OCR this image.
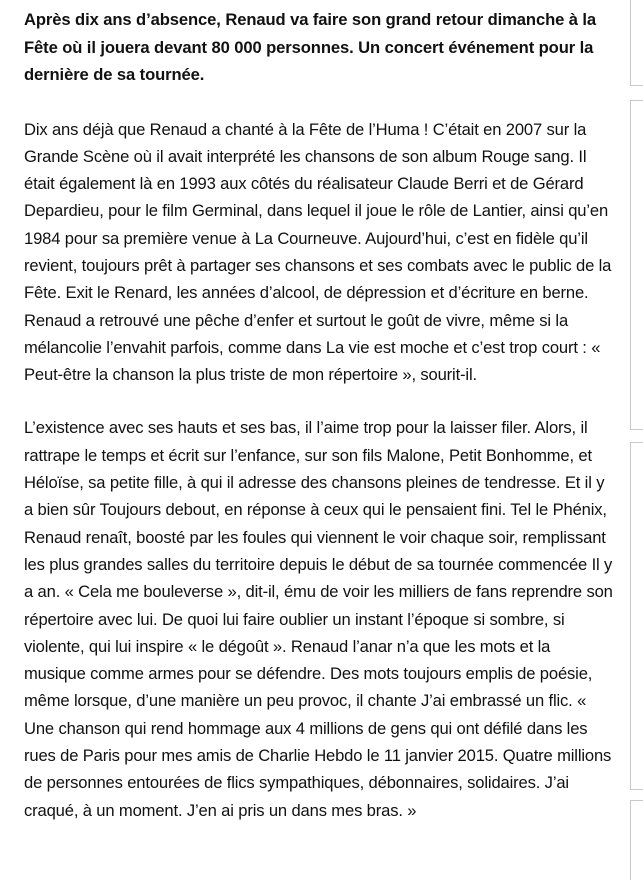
Après dix ans d’absence, Renaud va faire son grand retour dimanche à la Fête où il jouera devant 80 000 personnes. Un concert événement pour la dernière de sa tournée.

Dix ans déjà que Renaud a chanté à la Fête de l’Huma ! C’était en 2007 sur la Grande Scène où il avait interprété les chansons de son album Rouge sang. Il était également là en 1993 aux côtés du réalisateur Claude Berri et de Gérard Depardieu, pour le film Germinal, dans lequel il joue le rôle de Lantier, ainsi qu’en 1984 pour sa première venue à La Courneuve. Aujourd’hui, c’est en fidèle qu’il revient, toujours prêt à partager ses chansons et ses combats avec le public de la Fête. Exit le Renard, les années d’alcool, de dépression et d’écriture en berne. Renaud a retrouvé une pêche d’enfer et surtout le goût de vivre, même si la mélancolie l’envahit parfois, comme dans La vie est moche et c’est trop court : « Peut-être la chanson la plus triste de mon répertoire », sourit-il.

L’existence avec ses hauts et ses bas, il l’aime trop pour la laisser filer. Alors, il rattrape le temps et écrit sur l’enfance, sur son fils Malone, Petit Bonhomme, et Héloïse, sa petite fille, à qui il adresse des chansons pleines de tendresse. Et il y a bien sûr Toujours debout, en réponse à ceux qui le pensaient fini. Tel le Phénix, Renaud renaît, boosté par les foules qui viennent le voir chaque soir, remplissant les plus grandes salles du territoire depuis le début de sa tournée commencée Il y a an. « Cela me bouleverse », dit-il, ému de voir les milliers de fans reprendre son répertoire avec lui. De quoi lui faire oublier un instant l’époque si sombre, si violente, qui lui inspire « le dégoût ». Renaud l’anar n’a que les mots et la musique comme armes pour se défendre. Des mots toujours emplis de poésie, même lorsque, d’une manière un peu provoc, il chante J’ai embrassé un flic. « Une chanson qui rend hommage aux 4 millions de gens qui ont défilé dans les rues de Paris pour mes amis de Charlie Hebdo le 11 janvier 2015. Quatre millions de personnes entourées de flics sympathiques, débonnaires, solidaires. J’ai craqué, à un moment. J’en ai pris un dans mes bras. »
